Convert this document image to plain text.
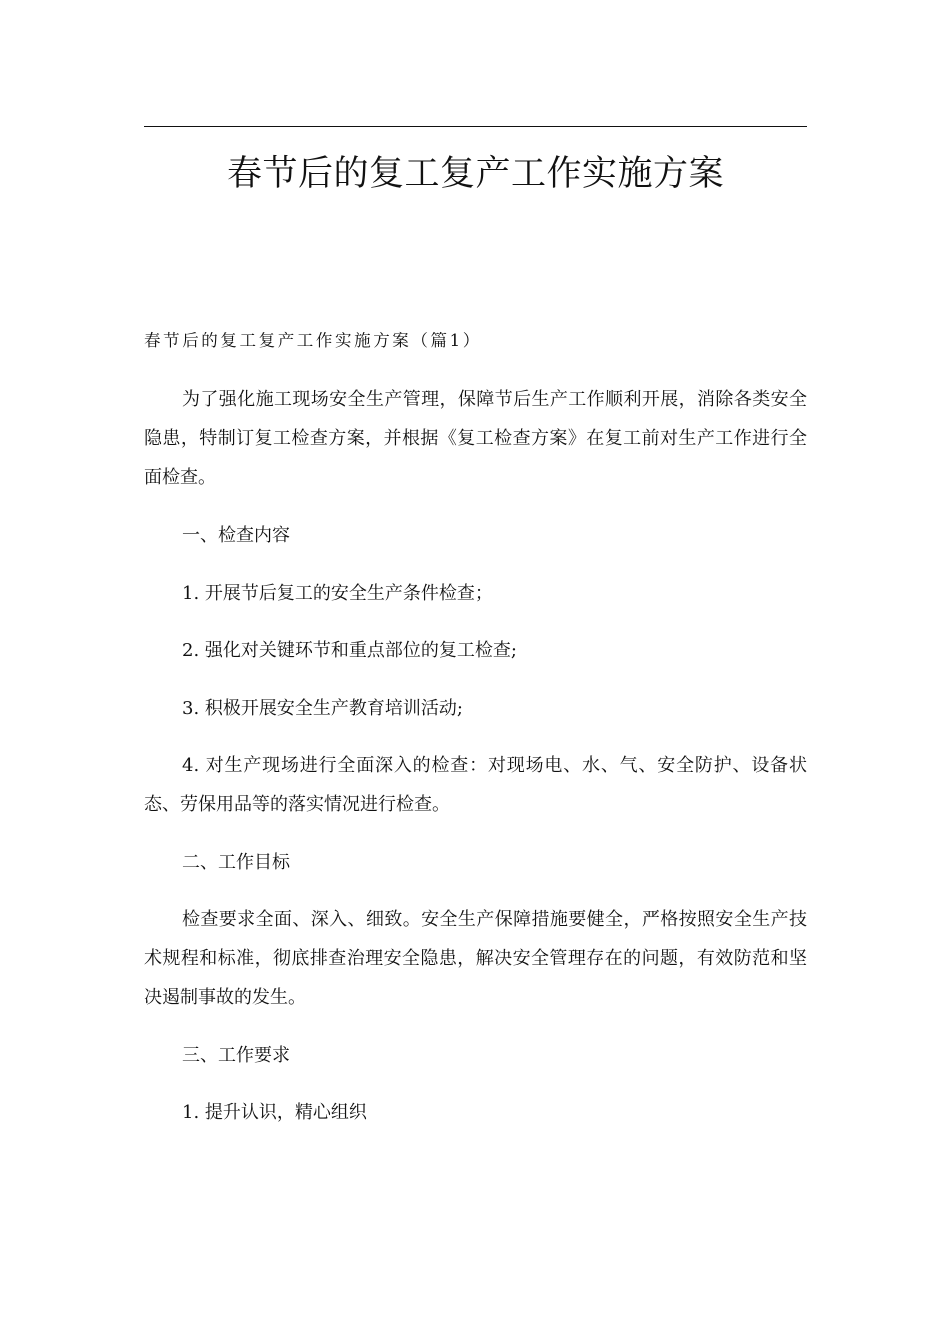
春节后的复工复产工作实施方案
春节后的复工复产工作实施方案（篇1）

为了强化施工现场安全生产管理，保障节后生产工作顺利开展，消除各类安全隐患，特制订复工检查方案，并根据《复工检查方案》在复工前对生产工作进行全面检查。

一、检查内容

1. 开展节后复工的安全生产条件检查；

2. 强化对关键环节和重点部位的复工检查;

3. 积极开展安全生产教育培训活动;

4. 对生产现场进行全面深入的检查：对现场电、水、气、安全防护、设备状态、劳保用品等的落实情况进行检查。

二、工作目标

检查要求全面、深入、细致。安全生产保障措施要健全，严格按照安全生产技术规程和标准，彻底排查治理安全隐患，解决安全管理存在的问题，有效防范和坚决遏制事故的发生。

三、工作要求

1. 提升认识，精心组织
